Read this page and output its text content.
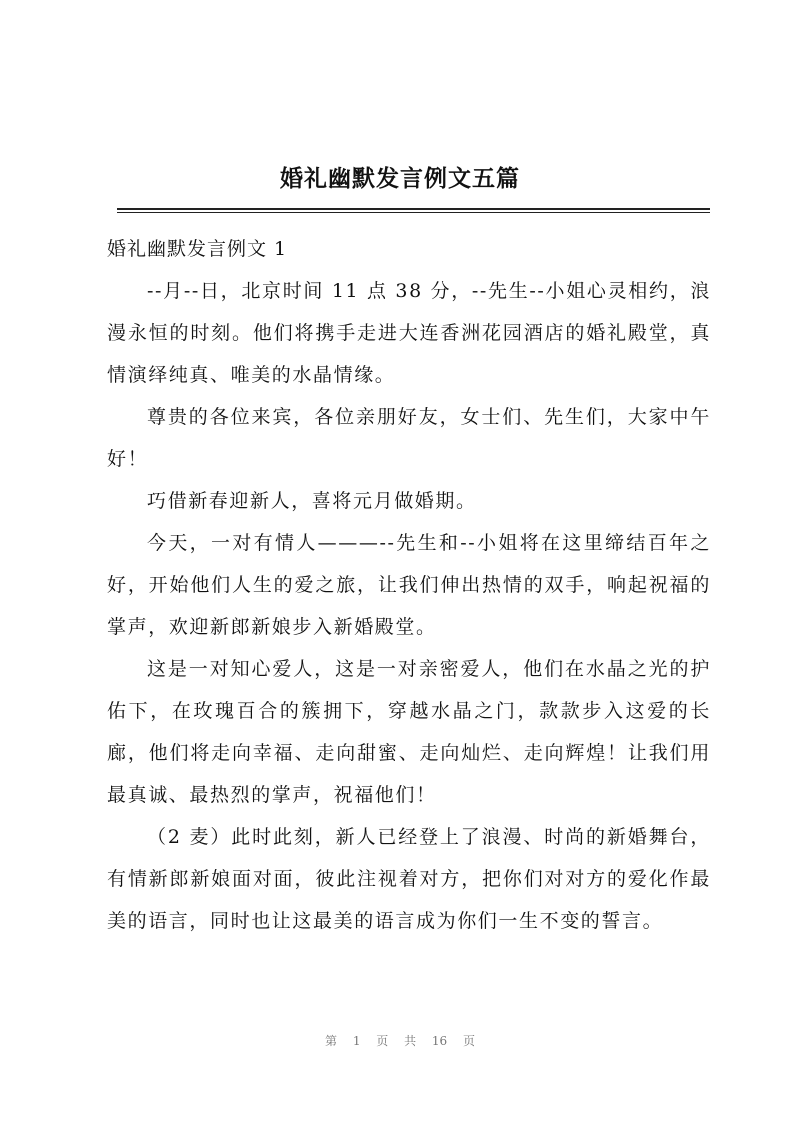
婚礼幽默发言例文五篇

婚礼幽默发言例文 1

--月--日，北京时间 11 点 38 分，--先生--小姐心灵相约，浪漫永恒的时刻。他们将携手走进大连香洲花园酒店的婚礼殿堂，真情演绎纯真、唯美的水晶情缘。

尊贵的各位来宾，各位亲朋好友，女士们、先生们，大家中午好！

巧借新春迎新人，喜将元月做婚期。

今天，一对有情人———--先生和--小姐将在这里缔结百年之好，开始他们人生的爱之旅，让我们伸出热情的双手，响起祝福的掌声，欢迎新郎新娘步入新婚殿堂。

这是一对知心爱人，这是一对亲密爱人，他们在水晶之光的护佑下，在玫瑰百合的簇拥下，穿越水晶之门，款款步入这爱的长廊，他们将走向幸福、走向甜蜜、走向灿烂、走向辉煌！让我们用最真诚、最热烈的掌声，祝福他们！

（2 麦）此时此刻，新人已经登上了浪漫、时尚的新婚舞台，有情新郎新娘面对面，彼此注视着对方，把你们对对方的爱化作最美的语言，同时也让这最美的语言成为你们一生不变的誓言。

第 1 页 共 16 页
